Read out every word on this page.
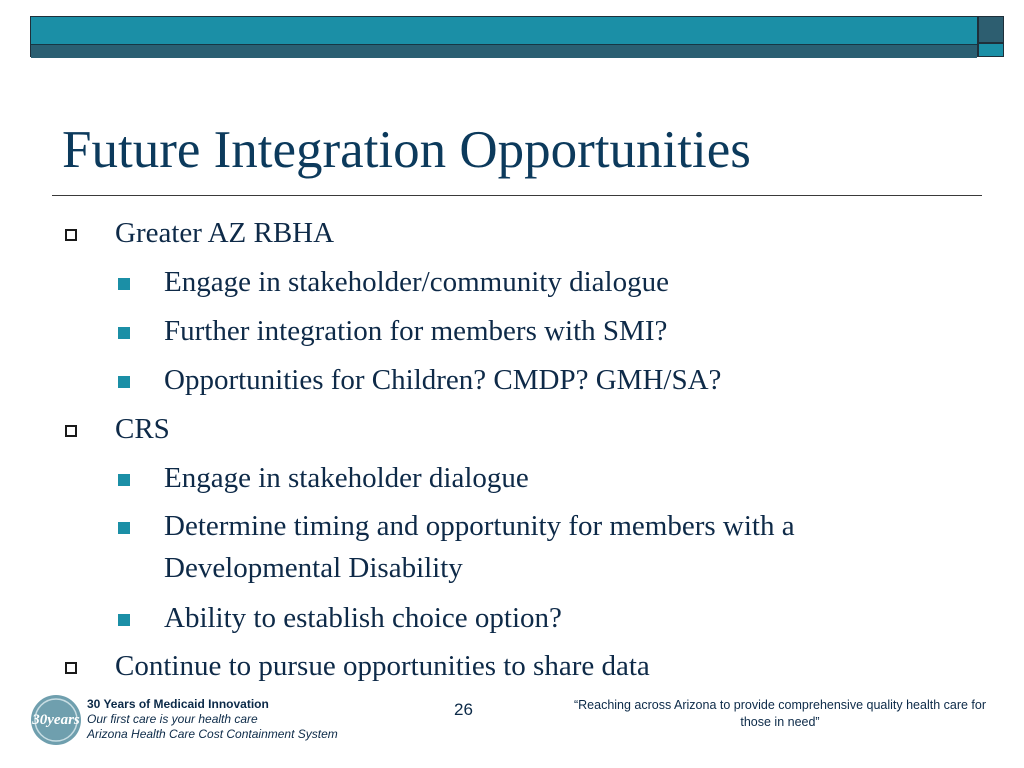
Future Integration Opportunities
Greater AZ RBHA
Engage in stakeholder/community dialogue
Further integration for members with SMI?
Opportunities for Children? CMDP? GMH/SA?
CRS
Engage in stakeholder dialogue
Determine timing and opportunity for members with a Developmental Disability
Ability to establish choice option?
Continue to pursue opportunities to share data
30years
30 Years of Medicaid Innovation
Our first care is your health care
Arizona Health Care Cost Containment System
26	“Reaching across Arizona to provide comprehensive quality health care for those in need”
